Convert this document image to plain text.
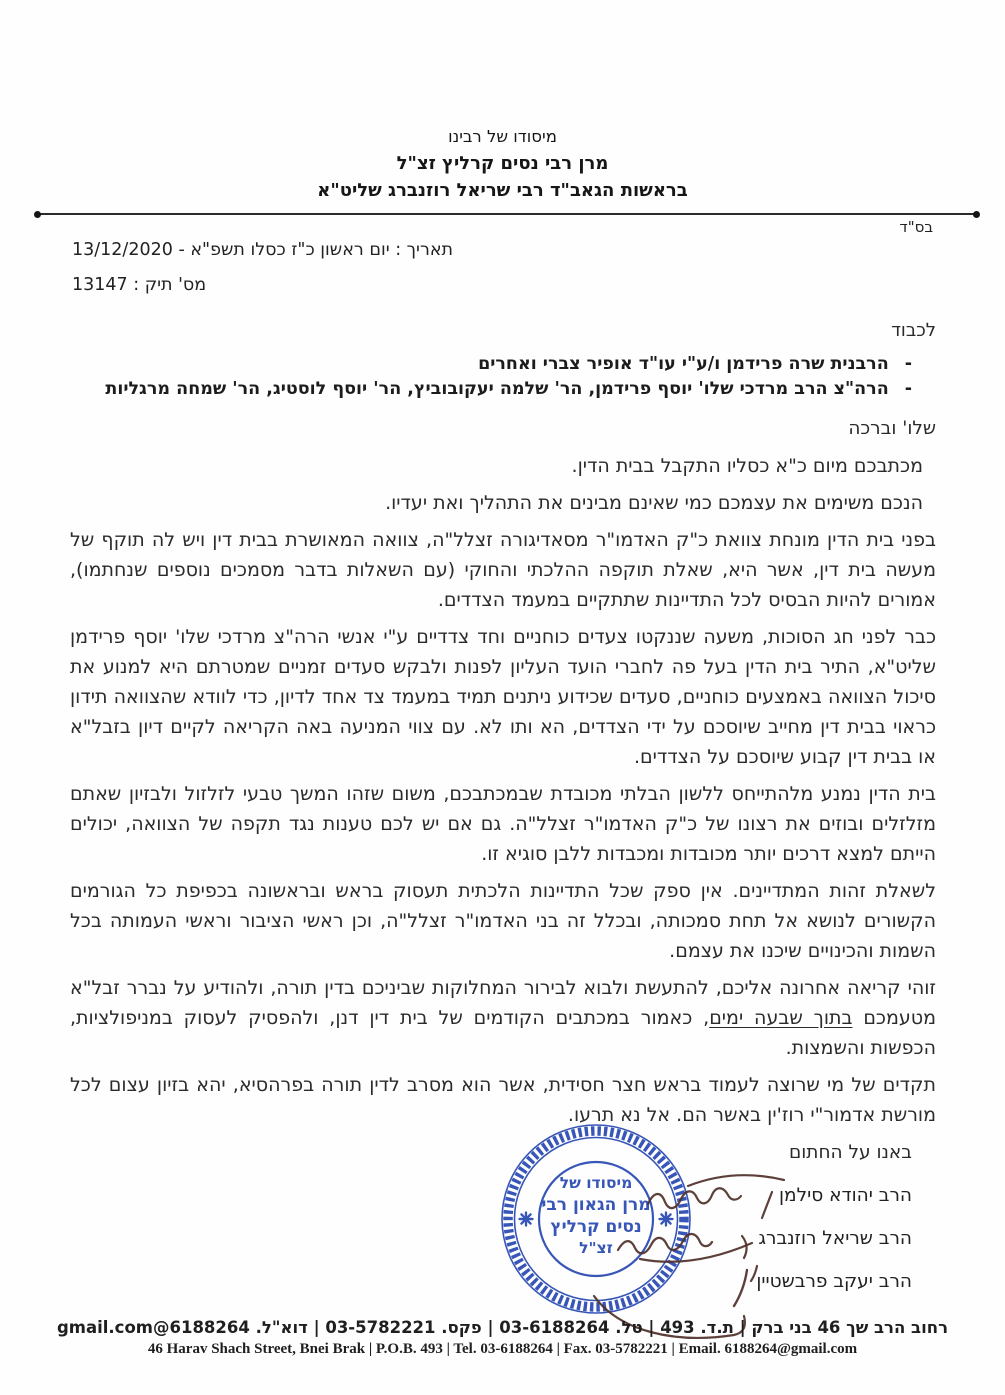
מיסודו של רבינו
מרן רבי נסים קרליץ זצ"ל
בראשות הגאב"ד רבי שריאל רוזנברג שליט"א
בס"ד
תאריך : יום ראשון כ"ז כסלו תשפ"א - 13/12/2020
מס' תיק : 13147
לכבוד
-
הרבנית שרה פרידמן ו/ע"י עו"ד אופיר צברי ואחרים
-
הרה"צ הרב מרדכי שלו' יוסף פרידמן, הר' שלמה יעקובוביץ, הר' יוסף לוסטיג, הר' שמחה מרגליות
שלו' וברכה

מכתבכם מיום כ"א כסליו התקבל בבית הדין.

הנכם משימים את עצמכם כמי שאינם מבינים את התהליך ואת יעדיו.

בפני בית הדין מונחת צוואת כ"ק האדמו"ר מסאדיגורה זצלל"ה, צוואה המאושרת בבית דין ויש לה תוקף של מעשה בית דין, אשר היא, שאלת תוקפה ההלכתי והחוקי (עם השאלות בדבר מסמכים נוספים שנחתמו), אמורים להיות הבסיס לכל התדיינות שתתקיים במעמד הצדדים.

כבר לפני חג הסוכות, משעה שננקטו צעדים כוחניים וחד צדדיים ע"י אנשי הרה"צ מרדכי שלו' יוסף פרידמן שליט"א, התיר בית הדין בעל פה לחברי הועד העליון לפנות ולבקש סעדים זמניים שמטרתם היא למנוע את סיכול הצוואה באמצעים כוחניים, סעדים שכידוע ניתנים תמיד במעמד צד אחד לדיון, כדי לוודא שהצוואה תידון כראוי בבית דין מחייב שיוסכם על ידי הצדדים, הא ותו לא. עם צווי המניעה באה הקריאה לקיים דיון בזבל"א או בבית דין קבוע שיוסכם על הצדדים.

בית הדין נמנע מלהתייחס ללשון הבלתי מכובדת שבמכתבכם, משום שזהו המשך טבעי לזלזול ולבזיון שאתם מזלזלים ובוזים את רצונו של כ"ק האדמו"ר זצלל"ה. גם אם יש לכם טענות נגד תקפה של הצוואה, יכולים הייתם למצא דרכים יותר מכובדות ומכבדות ללבן סוגיא זו.

לשאלת זהות המתדיינים. אין ספק שכל התדיינות הלכתית תעסוק בראש ובראשונה בכפיפת כל הגורמים הקשורים לנושא אל תחת סמכותה, ובכלל זה בני האדמו"ר זצלל"ה, וכן ראשי הציבור וראשי העמותה בכל השמות והכינויים שיכנו את עצמם.

זוהי קריאה אחרונה אליכם, להתעשת ולבוא לבירור המחלוקות שביניכם בדין תורה, ולהודיע על נברר זבל"א מטעמכם בתוך שבעה ימים, כאמור במכתבים הקודמים של בית דין דנן, ולהפסיק לעסוק במניפולציות, הכפשות והשמצות.

תקדים של מי שרוצה לעמוד בראש חצר חסידית, אשר הוא מסרב לדין תורה בפרהסיא, יהא בזיון עצום לכל מורשת אדמור"י רוז'ין באשר הם. אל נא תרעו.

באנו על החתום
הרב יהודא סילמן
הרב שריאל רוזנברג
הרב יעקב פרבשטיין
מיסודו של
מרן הגאון רבי
נסים קרליץ
זצ"ל
רחוב הרב שך 46 בני ברק | ת.ד. 493 | טל. 03-6188264 | פקס. 03-5782221 | דוא"ל. 6188264@gmail.com
46 Harav Shach Street, Bnei Brak | P.O.B. 493 | Tel. 03-6188264 | Fax. 03-5782221 | Email. 6188264@gmail.com
